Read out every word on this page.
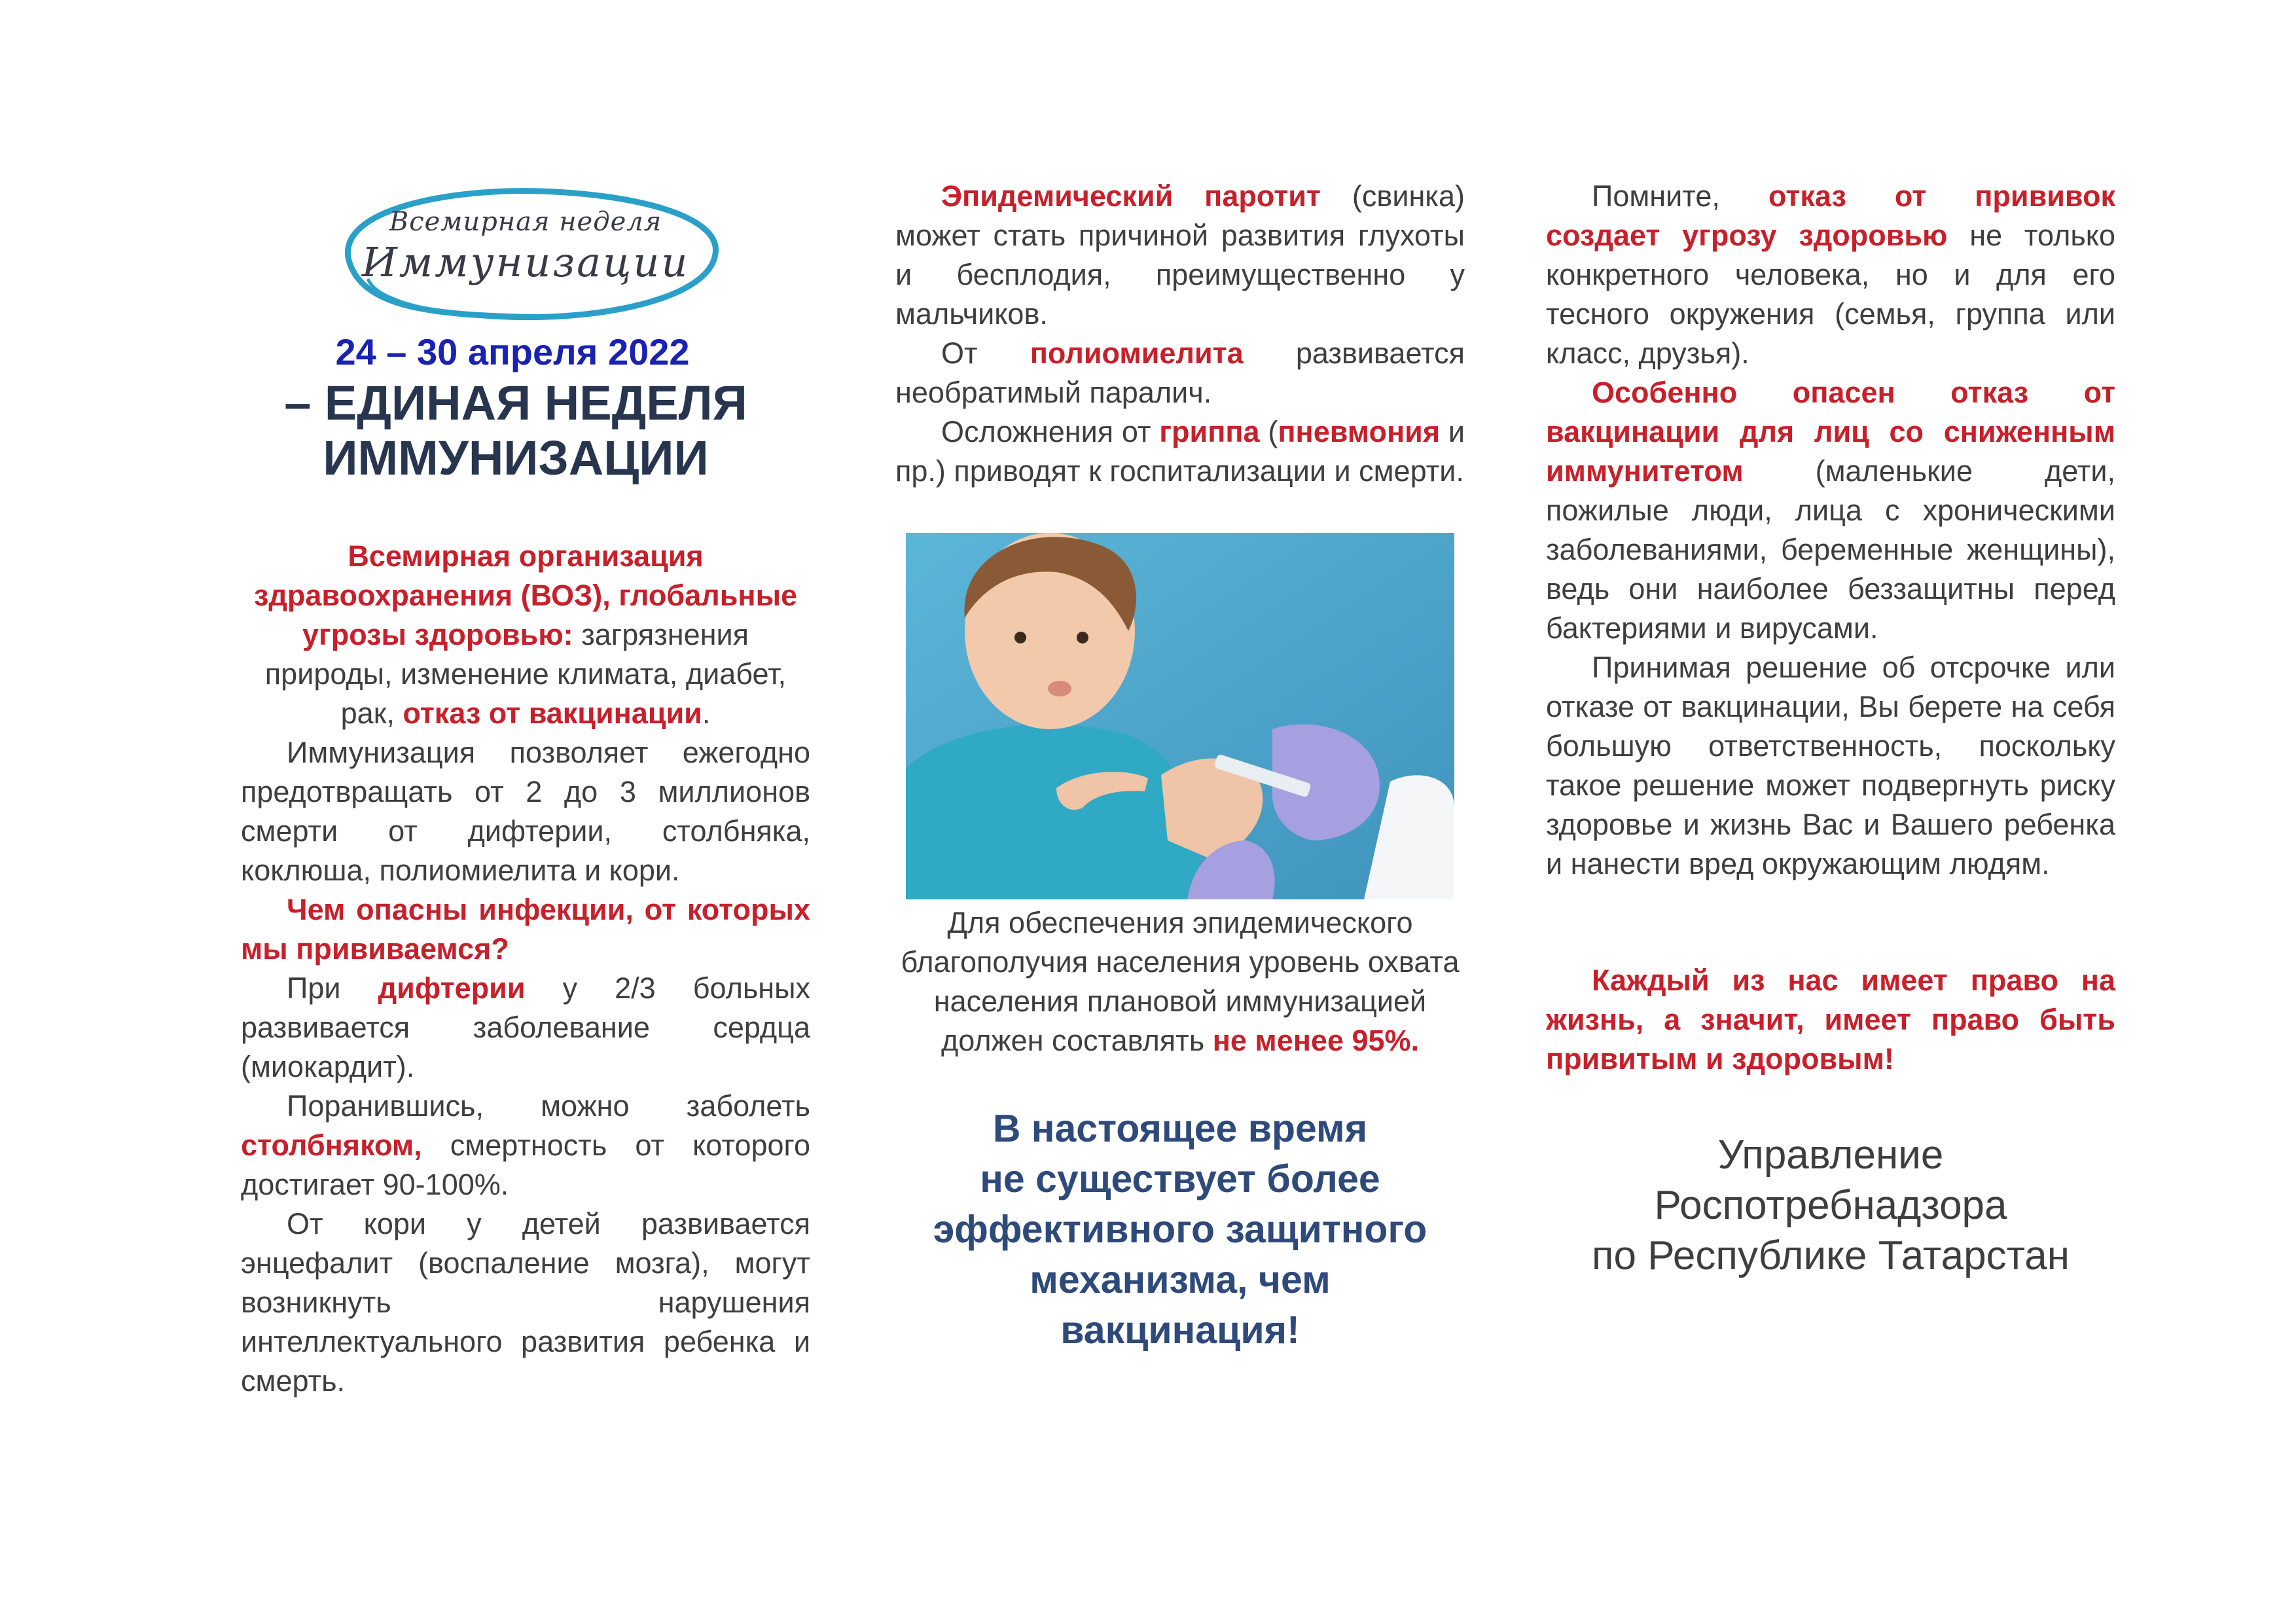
Всемирная неделя
Иммунизации
24 – 30 апреля 2022
– ЕДИНАЯ НЕДЕЛЯ
ИММУНИЗАЦИИ
Всемирная организация здравоохранения (ВОЗ), глобальные угрозы здоровью: загрязнения природы, изменение климата, диабет, рак, отказ от вакцинации.

Иммунизация позволяет ежегодно предотвращать от 2 до 3 миллионов смерти от дифтерии, столбняка, коклюша, полиомиелита и кори.

Чем опасны инфекции, от которых мы прививаемся?

При дифтерии у 2/3 больных развивается заболевание сердца (миокардит).

Поранившись, можно заболеть столбняком, смертность от которого достигает 90-100%.

От кори у детей развивается энцефалит (воспаление мозга), могут возникнуть нарушения интеллектуального развития ребенка и смерть.

Эпидемический паротит (свинка) может стать причиной развития глухоты и бесплодия, преимущественно у мальчиков.

От полиомиелита развивается необратимый паралич.

Осложнения от гриппа (пневмония и пр.) приводят к госпитализации и смерти.

Для обеспечения эпидемического благополучия населения уровень охвата населения плановой иммунизацией должен составлять не менее 95%.
В настоящее время
не существует более
эффективного защитного
механизма, чем
вакцинация!

Помните, отказ от прививок создает угрозу здоровью не только конкретного человека, но и для его тесного окружения (семья, группа или класс, друзья).

Особенно опасен отказ от вакцинации для лиц со сниженным иммунитетом (маленькие дети, пожилые люди, лица с хроническими заболеваниями, беременные женщины), ведь они наиболее беззащитны перед бактериями и вирусами.

Принимая решение об отсрочке или отказе от вакцинации, Вы берете на себя большую ответственность, поскольку такое решение может подвергнуть риску здоровье и жизнь Вас и Вашего ребенка и нанести вред окружающим людям.

Каждый из нас имеет право на жизнь, а значит, имеет право быть привитым и здоровым!

Управление
Роспотребнадзора
по Республике Татарстан
